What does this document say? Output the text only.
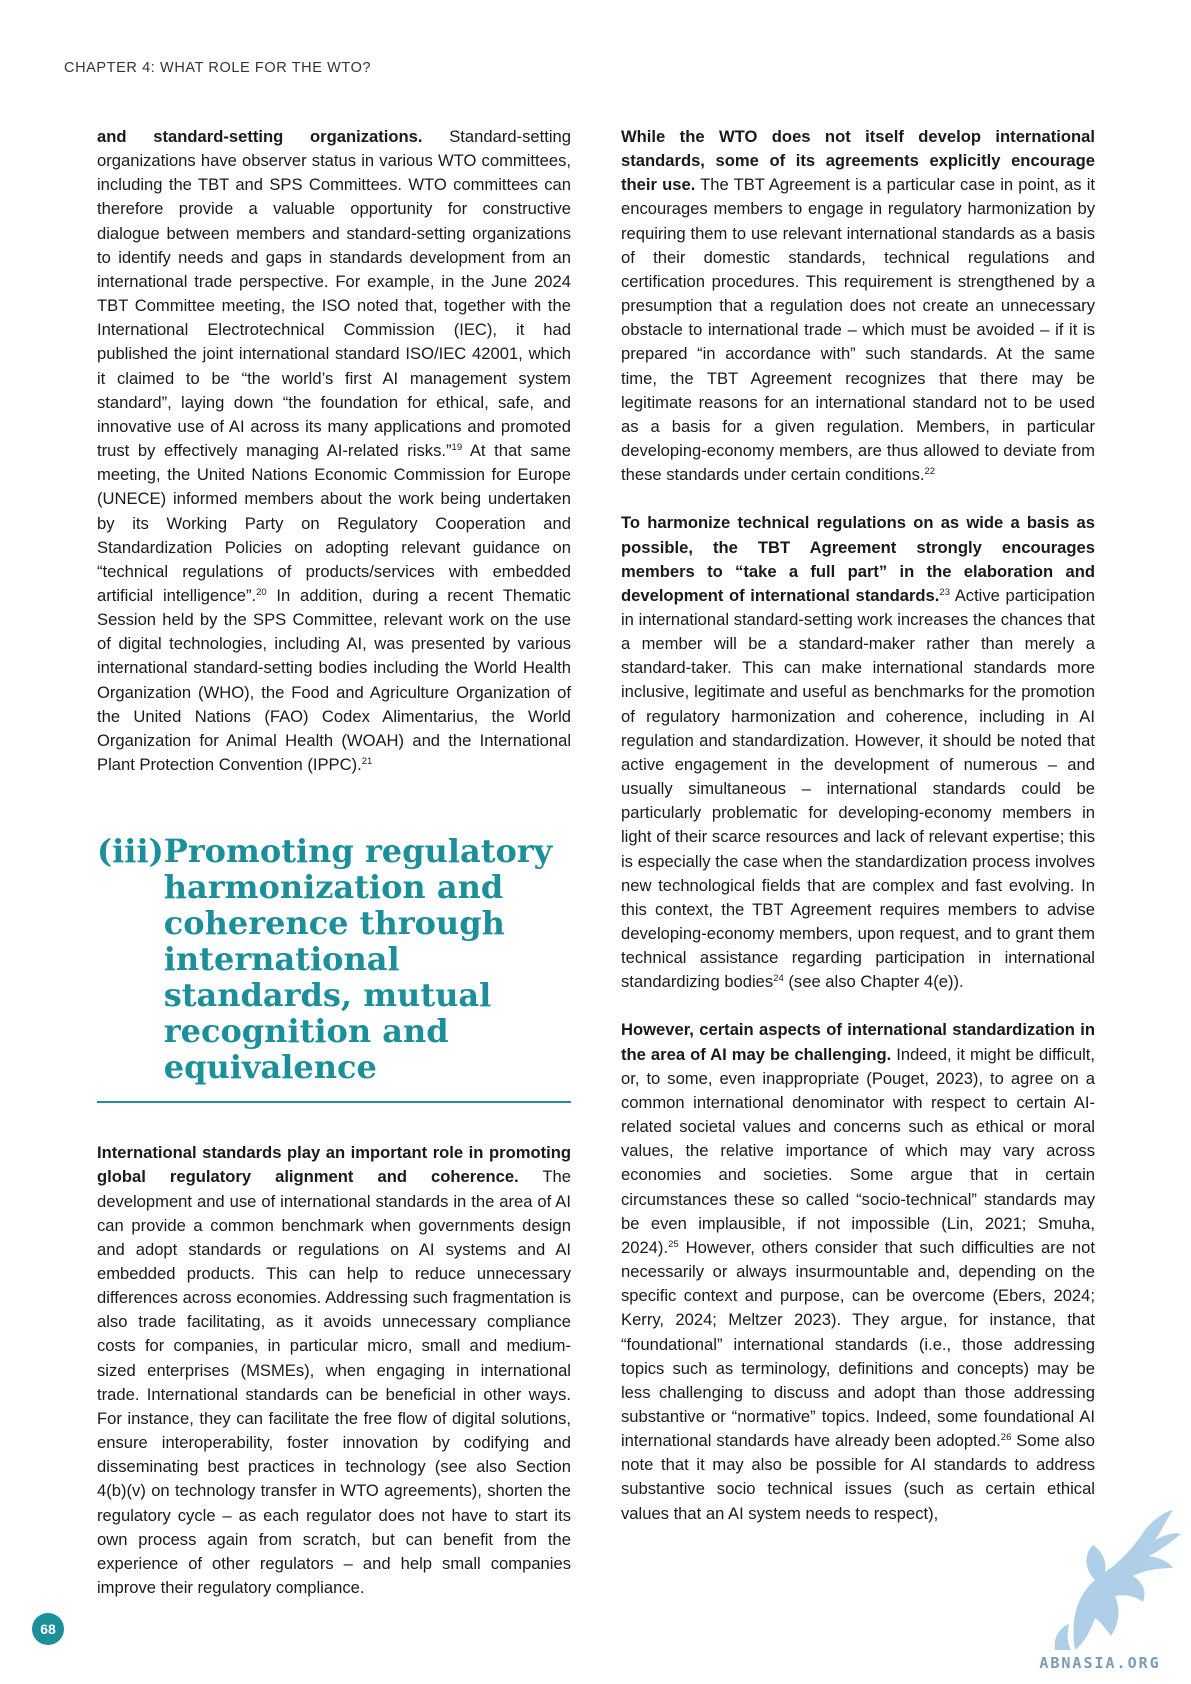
CHAPTER 4: WHAT ROLE FOR THE WTO?

and standard-setting organizations. Standard-setting organizations have observer status in various WTO committees, including the TBT and SPS Committees. WTO committees can therefore provide a valuable opportunity for constructive dialogue between members and standard-setting organizations to identify needs and gaps in standards development from an international trade perspective. For example, in the June 2024 TBT Committee meeting, the ISO noted that, together with the International Electrotechnical Commission (IEC), it had published the joint international standard ISO/IEC 42001, which it claimed to be “the world’s first AI management system standard”, laying down “the foundation for ethical, safe, and innovative use of AI across its many applications and promoted trust by effectively managing AI-related risks.”$^{19}$ At that same meeting, the United Nations Economic Commission for Europe (UNECE) informed members about the work being undertaken by its Working Party on Regulatory Cooperation and Standardization Policies on adopting relevant guidance on “technical regulations of products/services with embedded artificial intelligence”.$^{20}$ In addition, during a recent Thematic Session held by the SPS Committee, relevant work on the use of digital technologies, including AI, was presented by various international standard-setting bodies including the World Health Organization (WHO), the Food and Agriculture Organization of the United Nations (FAO) Codex Alimentarius, the World Organization for Animal Health (WOAH) and the International Plant Protection Convention (IPPC).$^{21}$

(iii) Promoting regulatory harmonization and coherence through international standards, mutual recognition and equivalence

International standards play an important role in promoting global regulatory alignment and coherence. The development and use of international standards in the area of AI can provide a common benchmark when governments design and adopt standards or regulations on AI systems and AI embedded products. This can help to reduce unnecessary differences across economies. Addressing such fragmentation is also trade facilitating, as it avoids unnecessary compliance costs for companies, in particular micro, small and medium-sized enterprises (MSMEs), when engaging in international trade. International standards can be beneficial in other ways. For instance, they can facilitate the free flow of digital solutions, ensure interoperability, foster innovation by codifying and disseminating best practices in technology (see also Section 4(b)(v) on technology transfer in WTO agreements), shorten the regulatory cycle – as each regulator does not have to start its own process again from scratch, but can benefit from the experience of other regulators – and help small companies improve their regulatory compliance.

While the WTO does not itself develop international standards, some of its agreements explicitly encourage their use. The TBT Agreement is a particular case in point, as it encourages members to engage in regulatory harmonization by requiring them to use relevant international standards as a basis of their domestic standards, technical regulations and certification procedures. This requirement is strengthened by a presumption that a regulation does not create an unnecessary obstacle to international trade – which must be avoided – if it is prepared “in accordance with” such standards. At the same time, the TBT Agreement recognizes that there may be legitimate reasons for an international standard not to be used as a basis for a given regulation. Members, in particular developing-economy members, are thus allowed to deviate from these standards under certain conditions.$^{22}$

To harmonize technical regulations on as wide a basis as possible, the TBT Agreement strongly encourages members to “take a full part” in the elaboration and development of international standards.$^{23}$ Active participation in international standard-setting work increases the chances that a member will be a standard-maker rather than merely a standard-taker. This can make international standards more inclusive, legitimate and useful as benchmarks for the promotion of regulatory harmonization and coherence, including in AI regulation and standardization. However, it should be noted that active engagement in the development of numerous – and usually simultaneous – international standards could be particularly problematic for developing-economy members in light of their scarce resources and lack of relevant expertise; this is especially the case when the standardization process involves new technological fields that are complex and fast evolving. In this context, the TBT Agreement requires members to advise developing-economy members, upon request, and to grant them technical assistance regarding participation in international standardizing bodies$^{24}$ (see also Chapter 4(e)).

However, certain aspects of international standardization in the area of AI may be challenging. Indeed, it might be difficult, or, to some, even inappropriate (Pouget, 2023), to agree on a common international denominator with respect to certain AI-related societal values and concerns such as ethical or moral values, the relative importance of which may vary across economies and societies. Some argue that in certain circumstances these so called “socio-technical” standards may be even implausible, if not impossible (Lin, 2021; Smuha, 2024).$^{25}$ However, others consider that such difficulties are not necessarily or always insurmountable and, depending on the specific context and purpose, can be overcome (Ebers, 2024; Kerry, 2024; Meltzer 2023). They argue, for instance, that “foundational” international standards (i.e., those addressing topics such as terminology, definitions and concepts) may be less challenging to discuss and adopt than those addressing substantive or “normative” topics. Indeed, some foundational AI international standards have already been adopted.$^{26}$ Some also note that it may also be possible for AI standards to address substantive socio technical issues (such as certain ethical values that an AI system needs to respect),

68
ABNASIA.ORG
